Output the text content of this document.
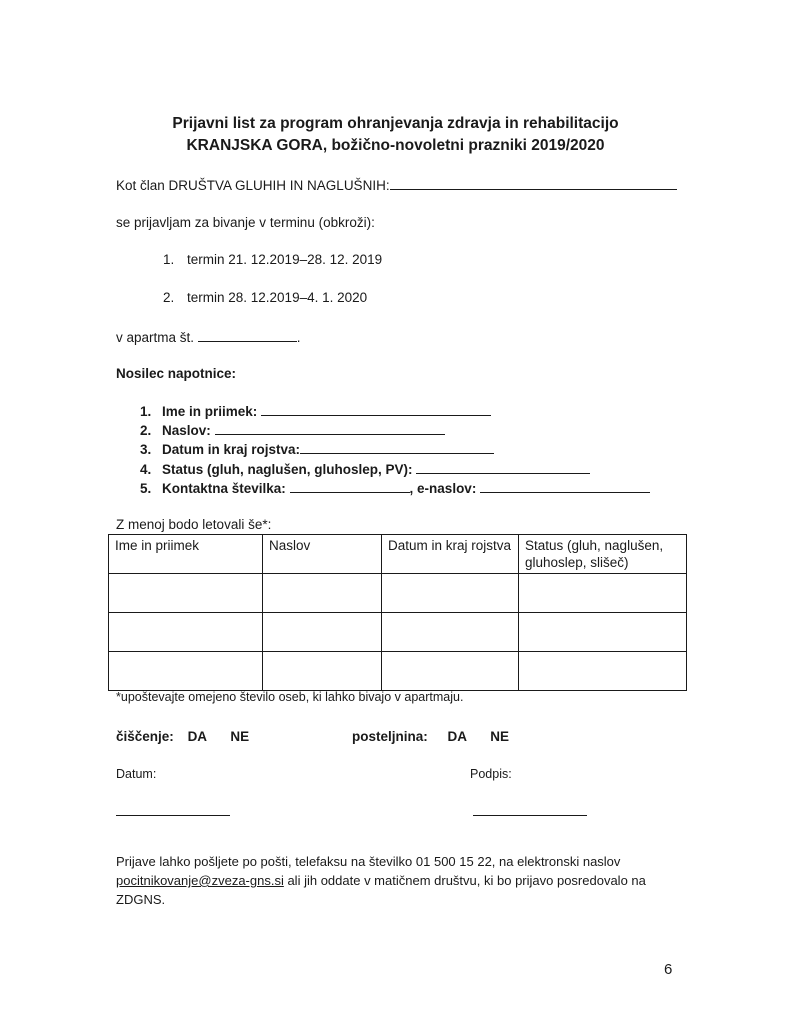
Prijavni list za program ohranjevanja zdravja in rehabilitacijo
KRANJSKA GORA, božično-novoletni prazniki 2019/2020
Kot član DRUŠTVA GLUHIH IN NAGLUŠNIH:
se prijavljam za bivanje v terminu (obkroži):
1. termin 21. 12.2019–28. 12. 2019
2. termin 28. 12.2019–4. 1. 2020
v apartma št.	.
Nosilec napotnice:
1. Ime in priimek:
2. Naslov:
3. Datum in kraj rojstva:
4. Status (gluh, naglušen, gluhoslep, PV):
5. Kontaktna številka:	, e-naslov:
Z menoj bodo letovali še*:
Ime in priimek	Naslov	Datum in kraj rojstva	Status (gluh, naglušen, gluhoslep, slišeč)

*upoštevajte omejeno število oseb, ki lahko bivajo v apartmaju.
čiščenje: DA NE	posteljnina: DA NE
Datum:	Podpis:
Prijave lahko pošljete po pošti, telefaksu na številko 01 500 15 22, na elektronski naslov pocitnikovanje@zveza-gns.si ali jih oddate v matičnem društvu, ki bo prijavo posredovalo na ZDGNS.
6
